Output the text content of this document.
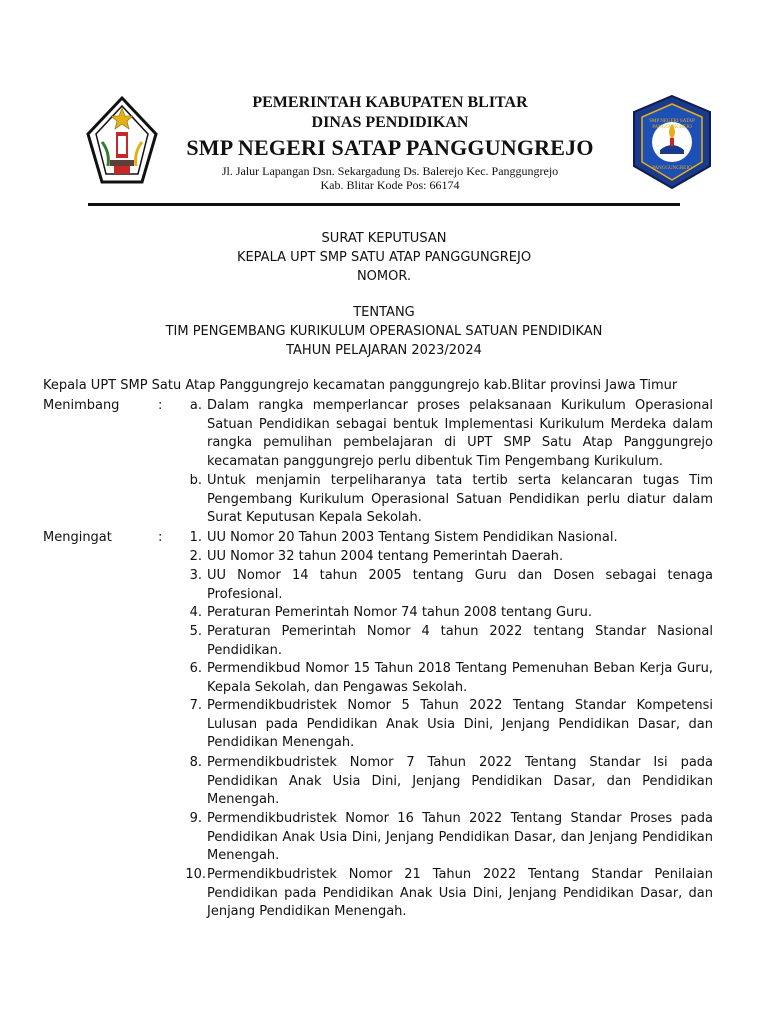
SMP NEGERI SATAP PANGGUNGREJO
PANGGUNGREJO
PEMERINTAH KABUPATEN BLITAR
DINAS PENDIDIKAN
SMP NEGERI SATAP PANGGUNGREJO
Jl. Jalur Lapangan Dsn. Sekargadung Ds. Balerejo Kec. Panggungrejo
Kab. Blitar Kode Pos: 66174
SURAT KEPUTUSAN
KEPALA UPT SMP SATU ATAP PANGGUNGREJO
NOMOR.
TENTANG
TIM PENGEMBANG KURIKULUM OPERASIONAL SATUAN PENDIDIKAN
TAHUN PELAJARAN 2023/2024
Kepala UPT SMP Satu Atap Panggungrejo kecamatan panggungrejo kab.Blitar provinsi Jawa Timur
Menimbang	:	a. Dalam rangka memperlancar proses pelaksanaan Kurikulum Operasional Satuan Pendidikan sebagai bentuk Implementasi Kurikulum Merdeka dalam rangka pemulihan pembelajaran di UPT SMP Satu Atap Panggungrejo kecamatan panggungrejo perlu dibentuk Tim Pengembang Kurikulum.
b. Untuk menjamin terpeliharanya tata tertib serta kelancaran tugas Tim Pengembang Kurikulum Operasional Satuan Pendidikan perlu diatur dalam Surat Keputusan Kepala Sekolah.
Mengingat	:	1. UU Nomor 20 Tahun 2003 Tentang Sistem Pendidikan Nasional.
2. UU Nomor 32 tahun 2004 tentang Pemerintah Daerah.
3. UU Nomor 14 tahun 2005 tentang Guru dan Dosen sebagai tenaga Profesional.
4. Peraturan Pemerintah Nomor 74 tahun 2008 tentang Guru.
5. Peraturan Pemerintah Nomor 4 tahun 2022 tentang Standar Nasional Pendidikan.
6. Permendikbud Nomor 15 Tahun 2018 Tentang Pemenuhan Beban Kerja Guru, Kepala Sekolah, dan Pengawas Sekolah.
7. Permendikbudristek Nomor 5 Tahun 2022 Tentang Standar Kompetensi Lulusan pada Pendidikan Anak Usia Dini, Jenjang Pendidikan Dasar, dan Pendidikan Menengah.
8. Permendikbudristek Nomor 7 Tahun 2022 Tentang Standar Isi pada Pendidikan Anak Usia Dini, Jenjang Pendidikan Dasar, dan Pendidikan Menengah.
9. Permendikbudristek Nomor 16 Tahun 2022 Tentang Standar Proses pada Pendidikan Anak Usia Dini, Jenjang Pendidikan Dasar, dan Jenjang Pendidikan Menengah.
10. Permendikbudristek Nomor 21 Tahun 2022 Tentang Standar Penilaian Pendidikan pada Pendidikan Anak Usia Dini, Jenjang Pendidikan Dasar, dan Jenjang Pendidikan Menengah.
